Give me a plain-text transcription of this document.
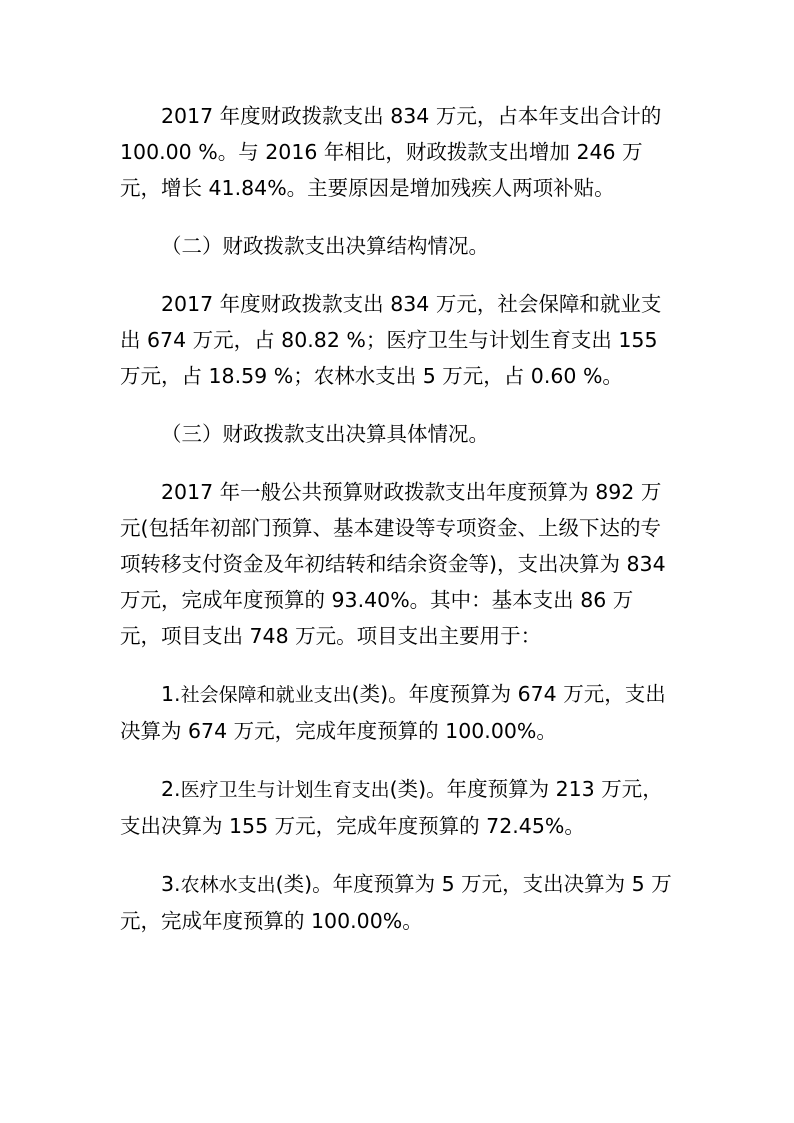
2017 年度财政拨款支出 834 万元，占本年支出合计的 100.00 %。与 2016 年相比，财政拨款支出增加 246 万元，增长 41.84%。主要原因是增加残疾人两项补贴。

（二）财政拨款支出决算结构情况。

2017 年度财政拨款支出 834 万元，社会保障和就业支出 674 万元，占 80.82 %；医疗卫生与计划生育支出 155 万元，占 18.59 %；农林水支出 5 万元，占 0.60 %。

（三）财政拨款支出决算具体情况。

2017 年一般公共预算财政拨款支出年度预算为 892 万元(包括年初部门预算、基本建设等专项资金、上级下达的专项转移支付资金及年初结转和结余资金等)，支出决算为 834 万元，完成年度预算的 93.40%。其中：基本支出 86 万元，项目支出 748 万元。项目支出主要用于：

1.社会保障和就业支出(类)。年度预算为 674 万元，支出决算为 674 万元，完成年度预算的 100.00%。

2.医疗卫生与计划生育支出(类)。年度预算为 213 万元，支出决算为 155 万元，完成年度预算的 72.45%。

3.农林水支出(类)。年度预算为 5 万元，支出决算为 5 万元，完成年度预算的 100.00%。
